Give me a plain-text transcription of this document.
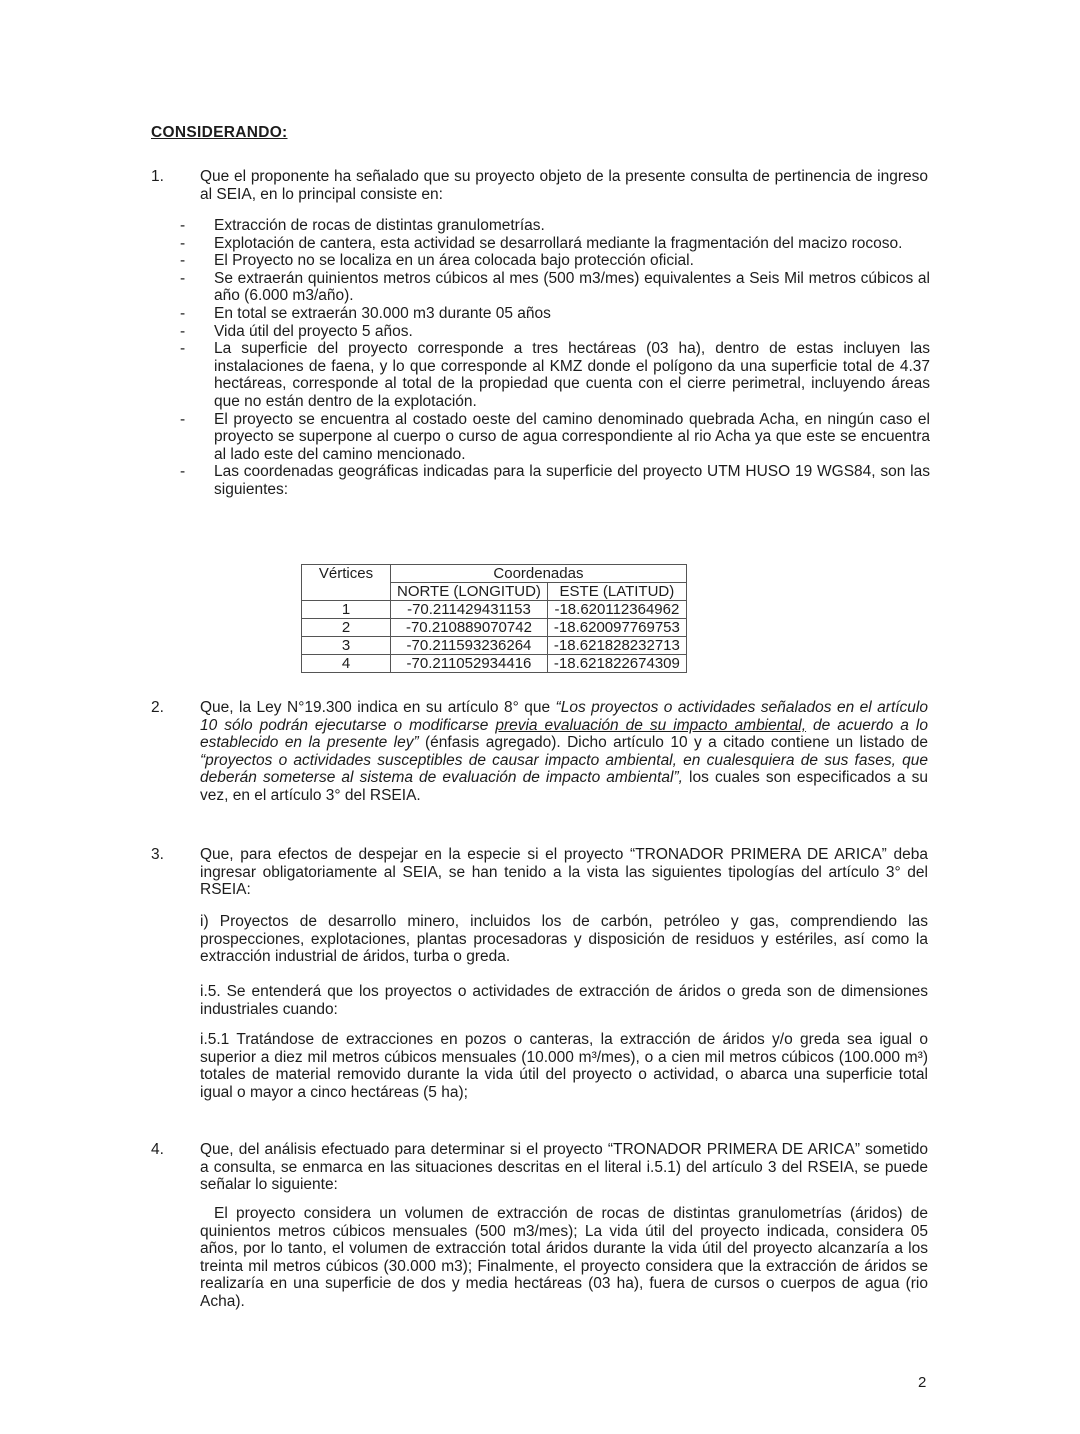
CONSIDERANDO:
1. Que el proponente ha señalado que su proyecto objeto de la presente consulta de pertinencia de ingreso al SEIA, en lo principal consiste en:
- Extracción de rocas de distintas granulometrías.
- Explotación de cantera, esta actividad se desarrollará mediante la fragmentación del macizo rocoso.
- El Proyecto no se localiza en un área colocada bajo protección oficial.
- Se extraerán quinientos metros cúbicos al mes (500 m3/mes) equivalentes a Seis Mil metros cúbicos al año (6.000 m3/año).
- En total se extraerán 30.000 m3 durante 05 años
- Vida útil del proyecto 5 años.
- La superficie del proyecto corresponde a tres hectáreas (03 ha), dentro de estas incluyen las instalaciones de faena, y lo que corresponde al KMZ donde el polígono da una superficie total de 4.37 hectáreas, corresponde al total de la propiedad que cuenta con el cierre perimetral, incluyendo áreas que no están dentro de la explotación.
- El proyecto se encuentra al costado oeste del camino denominado quebrada Acha, en ningún caso el proyecto se superpone al cuerpo o curso de agua correspondiente al rio Acha ya que este se encuentra al lado este del camino mencionado.
- Las coordenadas geográficas indicadas para la superficie del proyecto UTM HUSO 19 WGS84, son las siguientes:
Vértices	Coordenadas	
	NORTE (LONGITUD)	ESTE (LATITUD)
1	-70.211429431153	-18.620112364962
2	-70.210889070742	-18.620097769753
3	-70.211593236264	-18.621828232713
4	-70.211052934416	-18.621822674309
2. Que, la Ley N°19.300 indica en su artículo 8° que “Los proyectos o actividades señalados en el artículo 10 sólo podrán ejecutarse o modificarse previa evaluación de su impacto ambiental, de acuerdo a lo establecido en la presente ley” (énfasis agregado). Dicho artículo 10 y a citado contiene un listado de “proyectos o actividades susceptibles de causar impacto ambiental, en cualesquiera de sus fases, que deberán someterse al sistema de evaluación de impacto ambiental”, los cuales son especificados a su vez, en el artículo 3° del RSEIA.
3. Que, para efectos de despejar en la especie si el proyecto “TRONADOR PRIMERA DE ARICA” deba ingresar obligatoriamente al SEIA, se han tenido a la vista las siguientes tipologías del artículo 3° del RSEIA:
i) Proyectos de desarrollo minero, incluidos los de carbón, petróleo y gas, comprendiendo las prospecciones, explotaciones, plantas procesadoras y disposición de residuos y estériles, así como la extracción industrial de áridos, turba o greda.
i.5. Se entenderá que los proyectos o actividades de extracción de áridos o greda son de dimensiones industriales cuando:
i.5.1 Tratándose de extracciones en pozos o canteras, la extracción de áridos y/o greda sea igual o superior a diez mil metros cúbicos mensuales (10.000 m³/mes), o a cien mil metros cúbicos (100.000 m³) totales de material removido durante la vida útil del proyecto o actividad, o abarca una superficie total igual o mayor a cinco hectáreas (5 ha);
4. Que, del análisis efectuado para determinar si el proyecto “TRONADOR PRIMERA DE ARICA” sometido a consulta, se enmarca en las situaciones descritas en el literal i.5.1) del artículo 3 del RSEIA, se puede señalar lo siguiente:
El proyecto considera un volumen de extracción de rocas de distintas granulometrías (áridos) de quinientos metros cúbicos mensuales (500 m3/mes); La vida útil del proyecto indicada, considera 05 años, por lo tanto, el volumen de extracción total áridos durante la vida útil del proyecto alcanzaría a los treinta mil metros cúbicos (30.000 m3); Finalmente, el proyecto considera que la extracción de áridos se realizaría en una superficie de dos y media hectáreas (03 ha), fuera de cursos o cuerpos de agua (rio Acha).
2
